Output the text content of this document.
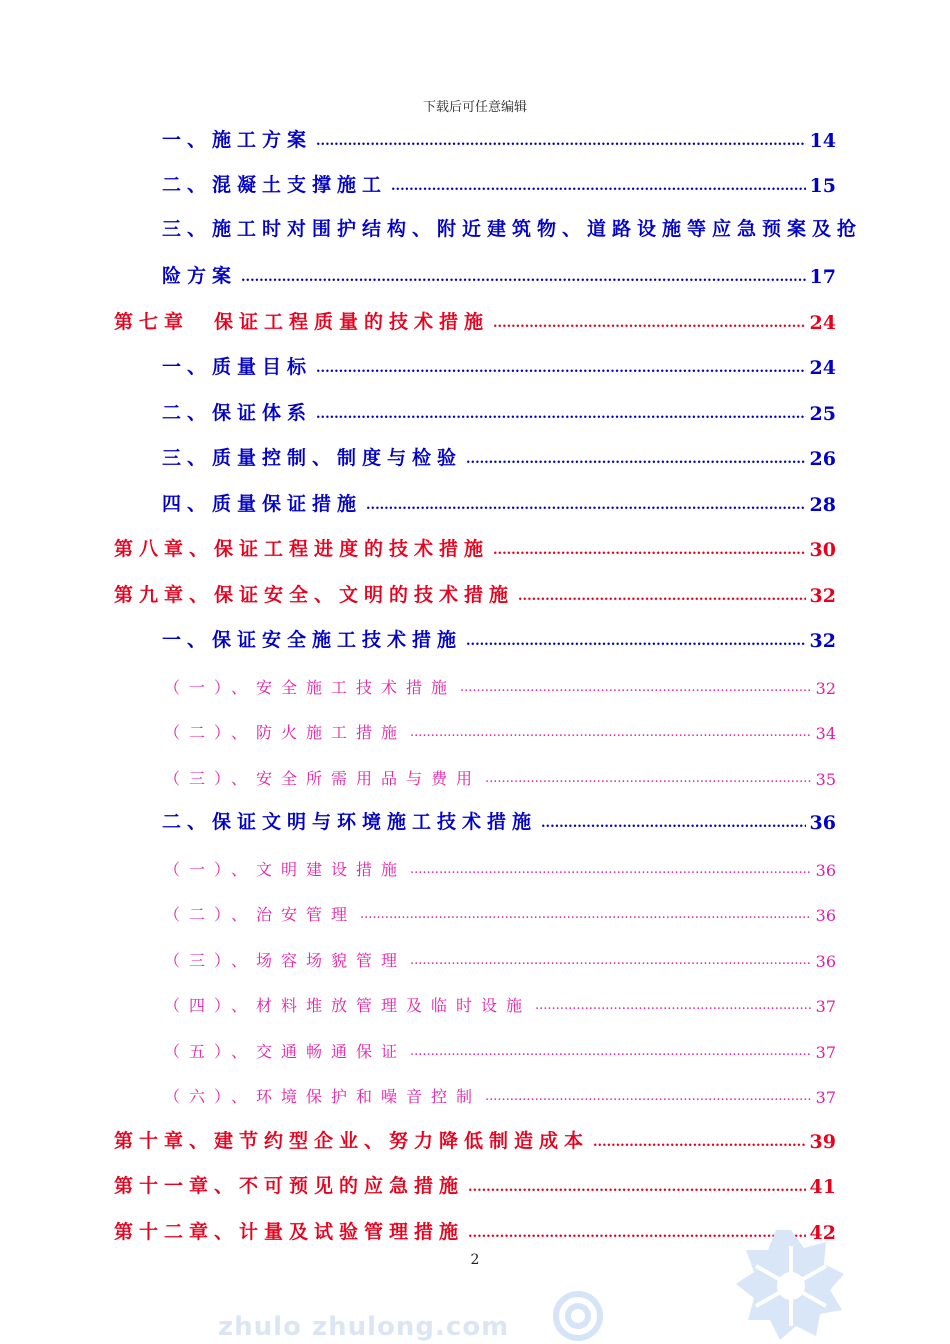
下载后可任意编辑
一、施工方案 .....	14
二、混凝土支撑施工 .....	15
三、施工时对围护结构、附近建筑物、道路设施等应急预案及抢
险方案 .....	17
第七章　保证工程质量的技术措施 .....	24
一、质量目标 .....	24
二、保证体系 .....	25
三、质量控制、制度与检验 .....	26
四、质量保证措施 .....	28
第八章、保证工程进度的技术措施 .....	30
第九章、保证安全、文明的技术措施 .....	32
一、保证安全施工技术措施 .....	32
（一）、安全施工技术措施 .....	32
（二）、防火施工措施 .....	34
（三）、安全所需用品与费用 .....	35
二、保证文明与环境施工技术措施 .....	36
（一）、文明建设措施 .....	36
（二）、治安管理 .....	36
（三）、场容场貌管理 .....	36
（四）、材料堆放管理及临时设施 .....	37
（五）、交通畅通保证 .....	37
（六）、环境保护和噪音控制 .....	37
第十章、建节约型企业、努力降低制造成本 .....	39
第十一章、不可预见的应急措施 .....	41
第十二章、计量及试验管理措施 .....	42
2
zhulo zhulong.com
